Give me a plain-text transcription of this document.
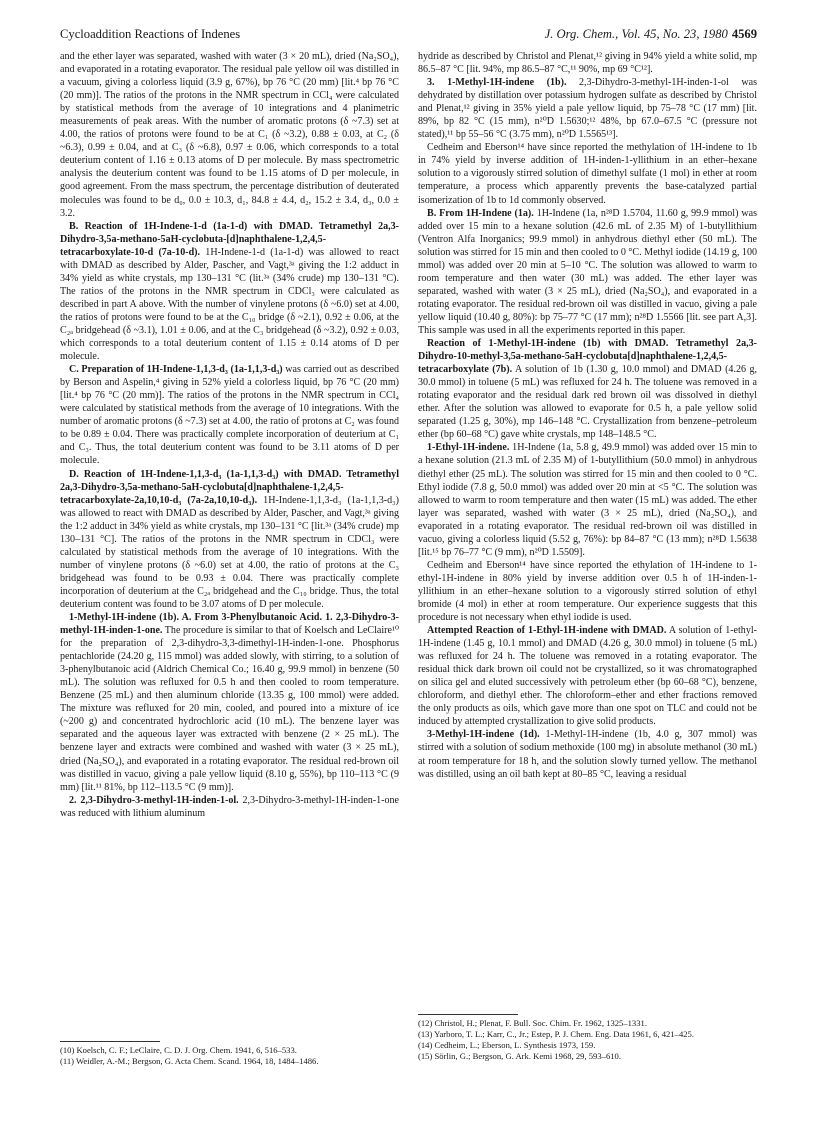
Cycloaddition Reactions of Indenes	J. Org. Chem., Vol. 45, No. 23, 1980 4569

and the ether layer was separated, washed with water (3 × 20 mL), dried (Na₂SO₄), and evaporated in a rotating evaporator. The residual pale yellow oil was distilled in a vacuum, giving a colorless liquid (3.9 g, 67%), bp 76 °C (20 mm) [lit.⁴ bp 76 °C (20 mm)]. The ratios of the protons in the NMR spectrum in CCl₄ were calculated by statistical methods from the average of 10 integrations and 4 planimetric measurements of peak areas. With the number of aromatic protons (δ ~7.3) set at 4.00, the ratios of protons were found to be at C₁ (δ ~3.2), 0.88 ± 0.03, at C₂ (δ ~6.3), 0.99 ± 0.04, and at C₃ (δ ~6.8), 0.97 ± 0.06, which corresponds to a total deuterium content of 1.16 ± 0.13 atoms of D per molecule. By mass spectrometric analysis the deuterium content was found to be 1.15 atoms of D per molecule, in good agreement. From the mass spectrum, the percentage distribution of deuterated molecules was found to be d₀, 0.0 ± 10.3, d₁, 84.8 ± 4.4, d₂, 15.2 ± 3.4, d₃, 0.0 ± 3.2.

B. Reaction of 1H-Indene-1-d (1a-1-d) with DMAD. Tetramethyl 2a,3-Dihydro-3,5a-methano-5aH-cyclobuta-[d]naphthalene-1,2,4,5-tetracarboxylate-10-d (7a-10-d). 1H-Indene-1-d (1a-1-d) was allowed to react with DMAD as described by Alder, Pascher, and Vagt,³ᵃ giving the 1:2 adduct in 34% yield as white crystals, mp 130–131 °C (lit.³ᵃ (34% crude) mp 130–131 °C). The ratios of the protons in the NMR spectrum in CDCl₃ were calculated as described in part A above. With the number of vinylene protons (δ ~6.0) set at 4.00, the ratios of protons were found to be at the C₁₀ bridge (δ ~2.1), 0.92 ± 0.06, at the C₂ₐ bridgehead (δ ~3.1), 1.01 ± 0.06, and at the C₃ bridgehead (δ ~3.2), 0.92 ± 0.03, which corresponds to a total deuterium content of 1.15 ± 0.14 atoms of D per molecule.

C. Preparation of 1H-Indene-1,1,3-d₃ (1a-1,1,3-d₃) was carried out as described by Berson and Aspelin,⁴ giving in 52% yield a colorless liquid, bp 76 °C (20 mm) [lit.⁴ bp 76 °C (20 mm)]. The ratios of the protons in the NMR spectrum in CCl₄ were calculated by statistical methods from the average of 10 integrations. With the number of aromatic protons (δ ~7.3) set at 4.00, the ratio of protons at C₂ was found to be 0.89 ± 0.04. There was practically complete incorporation of deuterium at C₁ and C₃. Thus, the total deuterium content was found to be 3.11 atoms of D per molecule.

D. Reaction of 1H-Indene-1,1,3-d₃ (1a-1,1,3-d₃) with DMAD. Tetramethyl 2a,3-Dihydro-3,5a-methano-5aH-cyclobuta[d]naphthalene-1,2,4,5-tetracarboxylate-2a,10,10-d₃ (7a-2a,10,10-d₃). 1H-Indene-1,1,3-d₃ (1a-1,1,3-d₃) was allowed to react with DMAD as described by Alder, Pascher, and Vagt,³ᵃ giving the 1:2 adduct in 34% yield as white crystals, mp 130–131 °C [lit.³ᵃ (34% crude) mp 130–131 °C]. The ratios of the protons in the NMR spectrum in CDCl₃ were calculated by statistical methods from the average of 10 integrations. With the number of vinylene protons (δ ~6.0) set at 4.00, the ratio of protons at the C₃ bridgehead was found to be 0.93 ± 0.04. There was practically complete incorporation of deuterium at the C₂ₐ bridgehead and the C₁₀ bridge. Thus, the total deuterium content was found to be 3.07 atoms of D per molecule.

1-Methyl-1H-indene (1b). A. From 3-Phenylbutanoic Acid. 1. 2,3-Dihydro-3-methyl-1H-inden-1-one. The procedure is similar to that of Koelsch and LeClaire¹⁰ for the preparation of 2,3-dihydro-3,3-dimethyl-1H-inden-1-one. Phosphorus pentachloride (24.20 g, 115 mmol) was added slowly, with stirring, to a solution of 3-phenylbutanoic acid (Aldrich Chemical Co.; 16.40 g, 99.9 mmol) in benzene (50 mL). The solution was refluxed for 0.5 h and then cooled to room temperature. Benzene (25 mL) and then aluminum chloride (13.35 g, 100 mmol) were added. The mixture was refluxed for 20 min, cooled, and poured into a mixture of ice (~200 g) and concentrated hydrochloric acid (10 mL). The benzene layer was separated and the aqueous layer was extracted with benzene (2 × 25 mL). The benzene layer and extracts were combined and washed with water (3 × 25 mL), dried (Na₂SO₄), and evaporated in a rotating evaporator. The residual red-brown oil was distilled in vacuo, giving a pale yellow liquid (8.10 g, 55%), bp 110–113 °C (9 mm) [lit.¹¹ 81%, bp 112–113.5 °C (9 mm)].

2. 2,3-Dihydro-3-methyl-1H-inden-1-ol. 2,3-Dihydro-3-methyl-1H-inden-1-one was reduced with lithium aluminum

hydride as described by Christol and Plenat,¹² giving in 94% yield a white solid, mp 86.5–87 °C [lit. 94%, mp 86.5–87 °C,¹¹ 90%, mp 69 °C¹²].

3. 1-Methyl-1H-indene (1b). 2,3-Dihydro-3-methyl-1H-inden-1-ol was dehydrated by distillation over potassium hydrogen sulfate as described by Christol and Plenat,¹² giving in 35% yield a pale yellow liquid, bp 75–78 °C (17 mm) [lit. 89%, bp 82 °C (15 mm), n²⁰D 1.5630;¹² 48%, bp 67.0–67.5 °C (pressure not stated),¹¹ bp 55–56 °C (3.75 mm), n²⁰D 1.5565¹³].

Cedheim and Eberson¹⁴ have since reported the methylation of 1H-indene to 1b in 74% yield by inverse addition of 1H-inden-1-yllithium in an ether–hexane solution to a vigorously stirred solution of dimethyl sulfate (1 mol) in ether at room temperature, a process which apparently prevents the base-catalyzed partial isomerization of 1b to 1d commonly observed.

B. From 1H-Indene (1a). 1H-Indene (1a, n²⁸D 1.5704, 11.60 g, 99.9 mmol) was added over 15 min to a hexane solution (42.6 mL of 2.35 M) of 1-butyllithium (Ventron Alfa Inorganics; 99.9 mmol) in anhydrous diethyl ether (50 mL). The solution was stirred for 15 min and then cooled to 0 °C. Methyl iodide (14.19 g, 100 mmol) was added over 20 min at 5–10 °C. The solution was allowed to warm to room temperature and then water (30 mL) was added. The ether layer was separated, washed with water (3 × 25 mL), dried (Na₂SO₄), and evaporated in a rotating evaporator. The residual red-brown oil was distilled in vacuo, giving a pale yellow liquid (10.40 g, 80%): bp 75–77 °C (17 mm); n²⁸D 1.5566 [lit. see part A,3]. This sample was used in all the experiments reported in this paper.

Reaction of 1-Methyl-1H-indene (1b) with DMAD. Tetramethyl 2a,3-Dihydro-10-methyl-3,5a-methano-5aH-cyclobuta[d]naphthalene-1,2,4,5-tetracarboxylate (7b). A solution of 1b (1.30 g, 10.0 mmol) and DMAD (4.26 g, 30.0 mmol) in toluene (5 mL) was refluxed for 24 h. The toluene was removed in a rotating evaporator and the residual dark red brown oil was dissolved in diethyl ether. After the solution was allowed to evaporate for 0.5 h, a pale yellow solid separated (1.25 g, 30%), mp 146–148 °C. Crystallization from benzene–petroleum ether (bp 60–68 °C) gave white crystals, mp 148–148.5 °C.

1-Ethyl-1H-indene. 1H-Indene (1a, 5.8 g, 49.9 mmol) was added over 15 min to a hexane solution (21.3 mL of 2.35 M) of 1-butyllithium (50.0 mmol) in anhydrous diethyl ether (25 mL). The solution was stirred for 15 min and then cooled to 0 °C. Ethyl iodide (7.8 g, 50.0 mmol) was added over 20 min at <5 °C. The solution was allowed to warm to room temperature and then water (15 mL) was added. The ether layer was separated, washed with water (3 × 25 mL), dried (Na₂SO₄), and evaporated in a rotating evaporator. The residual red-brown oil was distilled in vacuo, giving a colorless liquid (5.52 g, 76%): bp 84–87 °C (13 mm); n²⁸D 1.5638 [lit.¹⁵ bp 76–77 °C (9 mm), n²⁰D 1.5509].

Cedheim and Eberson¹⁴ have since reported the ethylation of 1H-indene to 1-ethyl-1H-indene in 80% yield by inverse addition over 0.5 h of 1H-inden-1-yllithium in an ether–hexane solution to a vigorously stirred solution of ethyl bromide (4 mol) in ether at room temperature. Our experience suggests that this procedure is not necessary when ethyl iodide is used.

Attempted Reaction of 1-Ethyl-1H-indene with DMAD. A solution of 1-ethyl-1H-indene (1.45 g, 10.1 mmol) and DMAD (4.26 g, 30.0 mmol) in toluene (5 mL) was refluxed for 24 h. The toluene was removed in a rotating evaporator. The residual thick dark brown oil could not be crystallized, so it was chromatographed on silica gel and eluted successively with petroleum ether (bp 60–68 °C), benzene, chloroform, and diethyl ether. The chloroform–ether and ether fractions removed the only products as oils, which gave more than one spot on TLC and could not be induced by attempted crystallization to give solid products.

3-Methyl-1H-indene (1d). 1-Methyl-1H-indene (1b, 4.0 g, 307 mmol) was stirred with a solution of sodium methoxide (100 mg) in absolute methanol (30 mL) at room temperature for 18 h, and the solution slowly turned yellow. The methanol was distilled, using an oil bath kept at 80–85 °C, leaving a residual

(10) Koelsch, C. F.; LeClaire, C. D. J. Org. Chem. 1941, 6, 516–533.
(11) Weidler, A.-M.; Bergson, G. Acta Chem. Scand. 1964, 18, 1484–1486.
(12) Christol, H.; Plenat, F. Bull. Soc. Chim. Fr. 1962, 1325–1331.
(13) Yarboro, T. L.; Karr, C., Jr.; Estep, P. J. Chem. Eng. Data 1961, 6, 421–425.
(14) Cedheim, L.; Eberson, L. Synthesis 1973, 159.
(15) Sörlin, G.; Bergson, G. Ark. Kemi 1968, 29, 593–610.
